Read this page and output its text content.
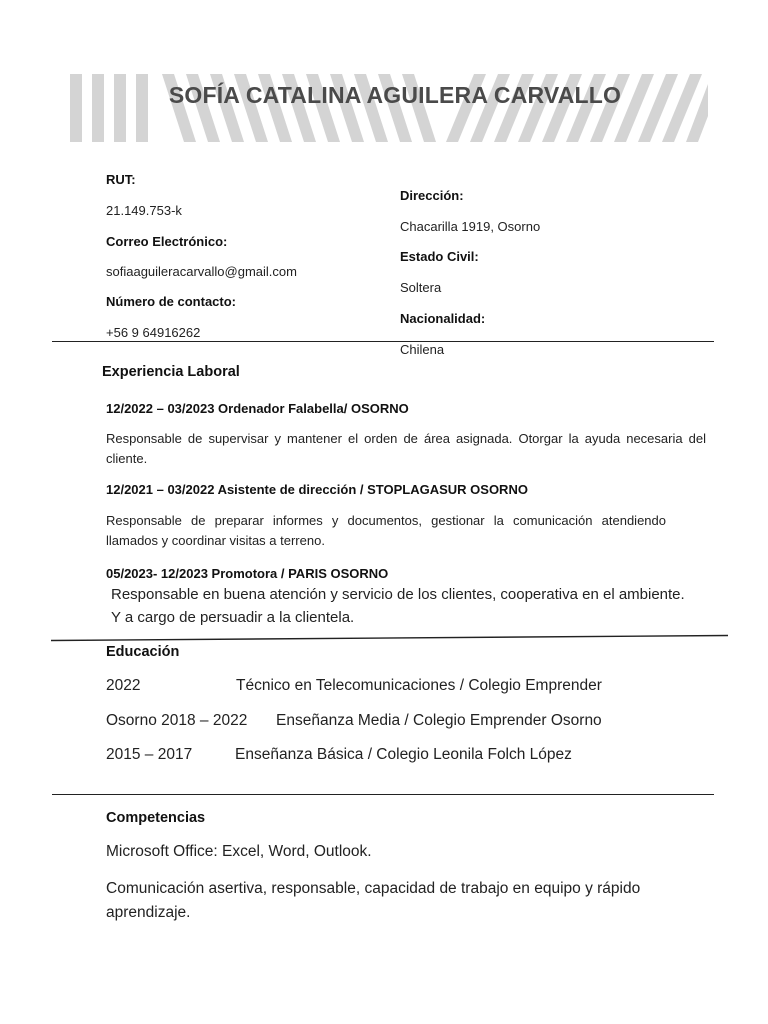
SOFÍA CATALINA AGUILERA CARVALLO
RUT:
21.149.753-k
Correo Electrónico:
sofiaaguileracarvallo@gmail.com
Número de contacto:
+56 9 64916262
Dirección:
Chacarilla 1919, Osorno
Estado Civil:
Soltera
Nacionalidad:
Chilena
Experiencia Laboral
12/2022 – 03/2023 Ordenador Falabella/ OSORNO
Responsable de supervisar y mantener el orden de área asignada. Otorgar la ayuda necesaria del cliente.
12/2021 – 03/2022 Asistente de dirección / STOPLAGASUR OSORNO
Responsable de preparar informes y documentos, gestionar la comunicación atendiendo llamados y coordinar visitas a terreno.
05/2023- 12/2023 Promotora / PARIS OSORNO
Responsable en buena atención y servicio de los clientes, cooperativa en el ambiente.
Y a cargo de persuadir a la clientela.
Educación
2022	Técnico en Telecomunicaciones / Colegio Emprender
Osorno 2018 – 2022 Enseñanza Media / Colegio Emprender Osorno
2015 – 2017	Enseñanza Básica / Colegio Leonila Folch López
Competencias
Microsoft Office: Excel, Word, Outlook.
Comunicación asertiva, responsable, capacidad de trabajo en equipo y rápido aprendizaje.
